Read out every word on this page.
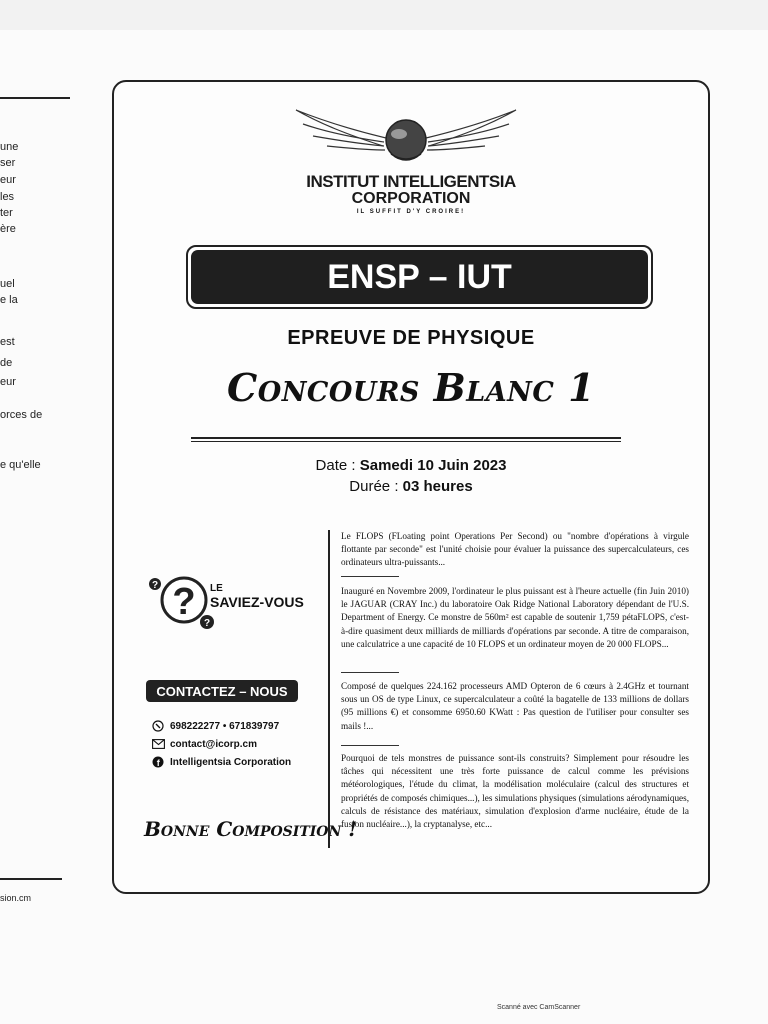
une
ser
eur
les
ter
ère
uel
e la
est
de
eur
orces de
e qu'elle
sion.cm
INSTITUT INTELLIGENTSIA
CORPORATION
IL SUFFIT D'Y CROIRE!
ENSP – IUT
EPREUVE DE PHYSIQUE
Concours Blanc 1
Date : Samedi 10 Juin 2023
Durée : 03 heures
? ?
?
LE
SAVIEZ-VOUS
CONTACTEZ – NOUS
698222277 • 671839797
contact@icorp.cm
f Intelligentsia Corporation
Bonne Composition !
Le FLOPS (FLoating point Operations Per Second) ou "nombre d'opérations à virgule flottante par seconde" est l'unité choisie pour évaluer la puissance des supercalculateurs, ces ordinateurs ultra-puissants...
Inauguré en Novembre 2009, l'ordinateur le plus puissant est à l'heure actuelle (fin Juin 2010) le JAGUAR (CRAY Inc.) du laboratoire Oak Ridge National Laboratory dépendant de l'U.S. Department of Energy. Ce monstre de 560m² est capable de soutenir 1,759 pétaFLOPS, c'est-à-dire quasiment deux milliards de milliards d'opérations par seconde. A titre de comparaison, une calculatrice a une capacité de 10 FLOPS et un ordinateur moyen de 20 000 FLOPS...
Composé de quelques 224.162 processeurs AMD Opteron de 6 cœurs à 2.4GHz et tournant sous un OS de type Linux, ce supercalculateur a coûté la bagatelle de 133 millions de dollars (95 millions €) et consomme 6950.60 KWatt : Pas question de l'utiliser pour consulter ses mails !...
Pourquoi de tels monstres de puissance sont-ils construits? Simplement pour résoudre les tâches qui nécessitent une très forte puissance de calcul comme les prévisions météorologiques, l'étude du climat, la modélisation moléculaire (calcul des structures et propriétés de composés chimiques...), les simulations physiques (simulations aérodynamiques, calculs de résistance des matériaux, simulation d'explosion d'arme nucléaire, étude de la fusion nucléaire...), la cryptanalyse, etc...
Scanné avec CamScanner
